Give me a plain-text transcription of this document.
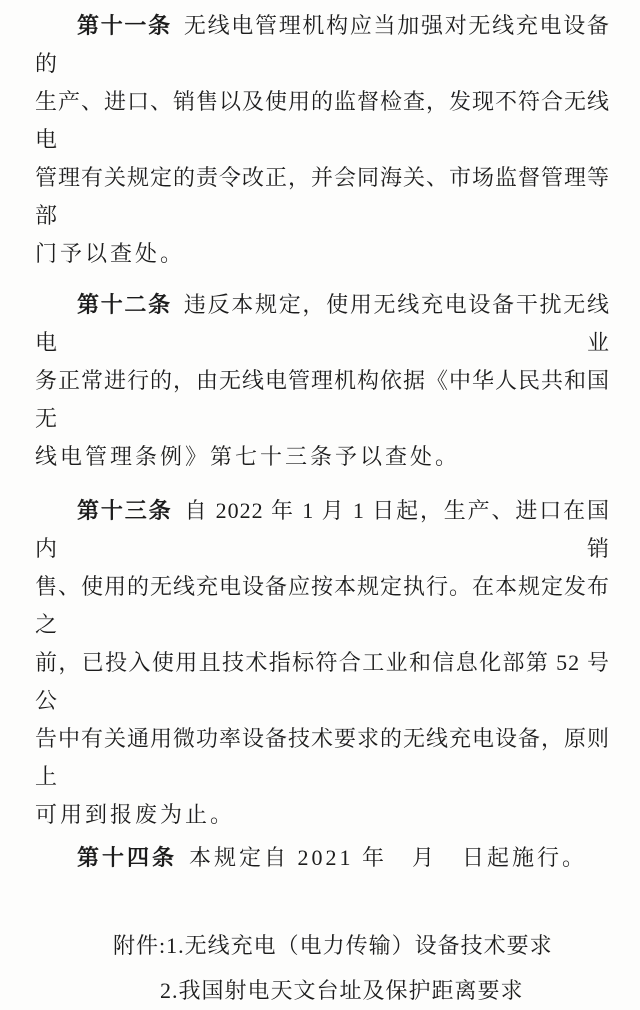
第十一条 无线电管理机构应当加强对无线充电设备的
生产、进口、销售以及使用的监督检查，发现不符合无线电
管理有关规定的责令改正，并会同海关、市场监督管理等部
门予以查处。
第十二条 违反本规定，使用无线充电设备干扰无线电业
务正常进行的，由无线电管理机构依据《中华人民共和国无
线电管理条例》第七十三条予以查处。
第十三条 自 2022 年 1 月 1 日起，生产、进口在国内销
售、使用的无线充电设备应按本规定执行。在本规定发布之
前，已投入使用且技术指标符合工业和信息化部第 52 号公
告中有关通用微功率设备技术要求的无线充电设备，原则上
可用到报废为止。
第十四条 本规定自 2021 年　月　日起施行。
附件:1.无线充电（电力传输）设备技术要求
2.我国射电天文台址及保护距离要求
